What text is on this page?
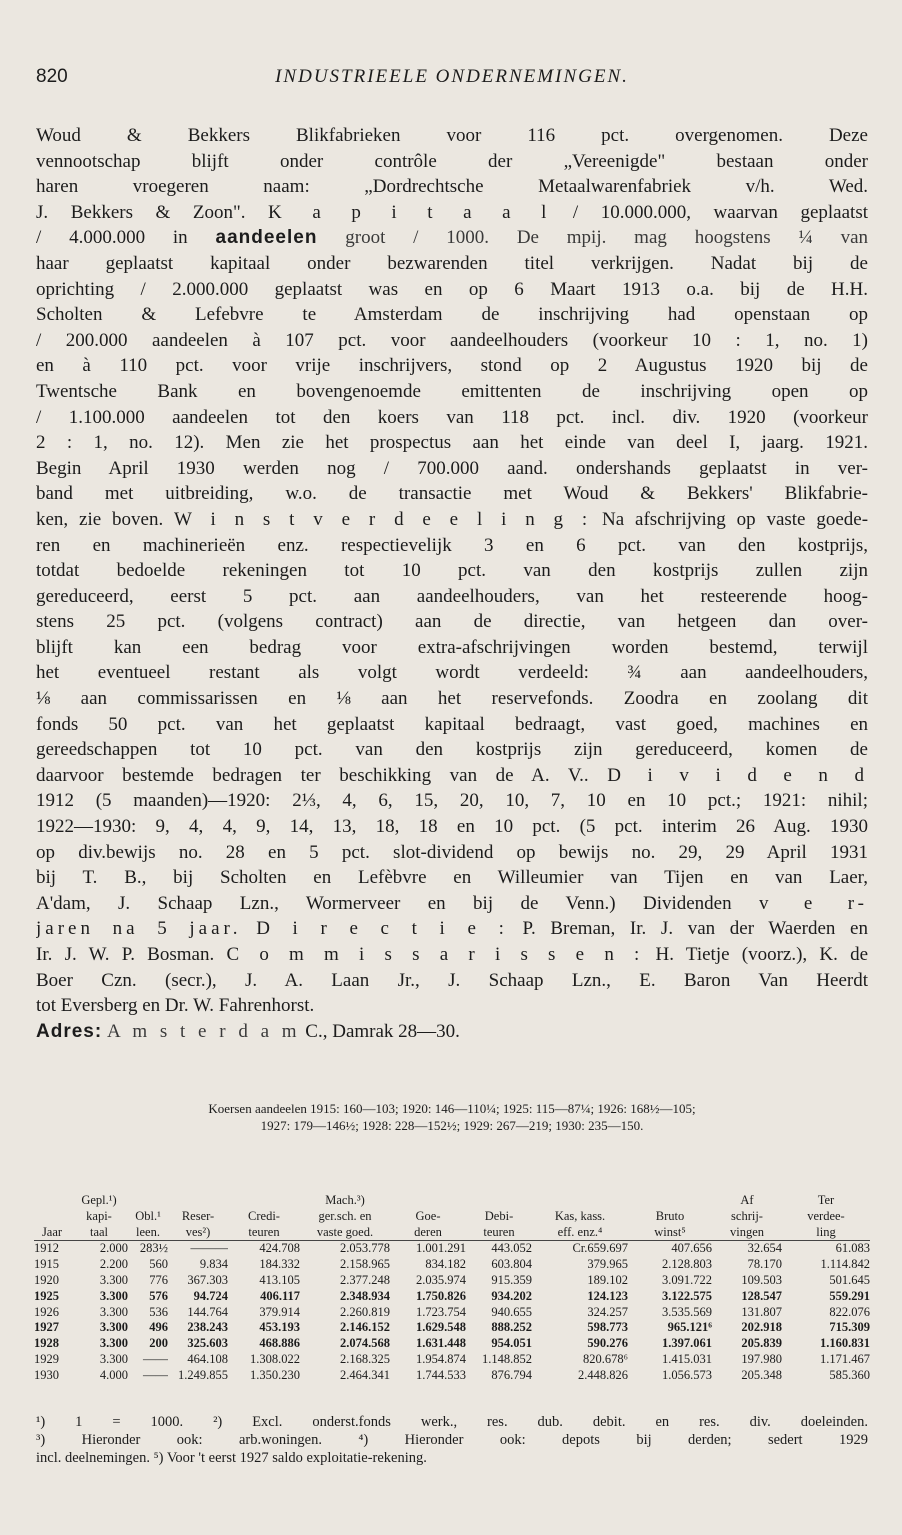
820	INDUSTRIEELE ONDERNEMINGEN.
Woud & Bekkers Blikfabrieken voor 116 pct. overgenomen. Deze
vennootschap blijft onder contrôle der „Vereenigde" bestaan onder
haren vroegeren naam: „Dordrechtsche Metaalwarenfabriek v/h. Wed.
J. Bekkers & Zoon". K a p i t a a l / 10.000.000, waarvan geplaatst
/ 4.000.000 in aandeelen groot / 1000. De mpij. mag hoogstens ¼ van
haar geplaatst kapitaal onder bezwarenden titel verkrijgen. Nadat bij de
oprichting / 2.000.000 geplaatst was en op 6 Maart 1913 o.a. bij de H.H.
Scholten & Lefebvre te Amsterdam de inschrijving had openstaan op
/ 200.000 aandeelen à 107 pct. voor aandeelhouders (voorkeur 10 : 1, no. 1)
en à 110 pct. voor vrije inschrijvers, stond op 2 Augustus 1920 bij de
Twentsche Bank en bovengenoemde emittenten de inschrijving open op
/ 1.100.000 aandeelen tot den koers van 118 pct. incl. div. 1920 (voorkeur
2 : 1, no. 12). Men zie het prospectus aan het einde van deel I, jaarg. 1921.
Begin April 1930 werden nog / 700.000 aand. ondershands geplaatst in ver-
band met uitbreiding, w.o. de transactie met Woud & Bekkers' Blikfabrie-
ken, zie boven. W i n s t v e r d e e l i n g : Na afschrijving op vaste goede-
ren en machinerieën enz. respectievelijk 3 en 6 pct. van den kostprijs,
totdat bedoelde rekeningen tot 10 pct. van den kostprijs zullen zijn
gereduceerd, eerst 5 pct. aan aandeelhouders, van het resteerende hoog-
stens 25 pct. (volgens contract) aan de directie, van hetgeen dan over-
blijft kan een bedrag voor extra-afschrijvingen worden bestemd, terwijl
het eventueel restant als volgt wordt verdeeld: ¾ aan aandeelhouders,
⅛ aan commissarissen en ⅛ aan het reservefonds. Zoodra en zoolang dit
fonds 50 pct. van het geplaatst kapitaal bedraagt, vast goed, machines en
gereedschappen tot 10 pct. van den kostprijs zijn gereduceerd, komen de
daarvoor bestemde bedragen ter beschikking van de A. V.. D i v i d e n d
1912 (5 maanden)—1920: 2⅓, 4, 6, 15, 20, 10, 7, 10 en 10 pct.; 1921: nihil;
1922—1930: 9, 4, 4, 9, 14, 13, 18, 18 en 10 pct. (5 pct. interim 26 Aug. 1930
op div.bewijs no. 28 en 5 pct. slot-dividend op bewijs no. 29, 29 April 1931
bij T. B., bij Scholten en Lefèbvre en Willeumier van Tijen en van Laer,
A'dam, J. Schaap Lzn., Wormerveer en bij de Venn.) Dividenden v e r-
jaren na 5 jaar. D i r e c t i e : P. Breman, Ir. J. van der Waerden en
Ir. J. W. P. Bosman. C o m m i s s a r i s s e n : H. Tietje (voorz.), K. de
Boer Czn. (secr.), J. A. Laan Jr., J. Schaap Lzn., E. Baron Van Heerdt
tot Eversberg en Dr. W. Fahrenhorst.
Adres: A m s t e r d a m C., Damrak 28—30.
Koersen aandeelen 1915: 160—103; 1920: 146—110¼; 1925: 115—87¼; 1926: 168½—105;
1927: 179—146½; 1928: 228—152½; 1929: 267—219; 1930: 235—150.
	Gepl.¹)				Mach.³)					Af	Ter
	kapi-	Obl.¹	Reser-	Credi-	ger.sch. en	Goe-	Debi-	Kas, kass.	Bruto	schrij-	verdee-
Jaar	taal	leen.	ves²)	teuren	vaste goed.	deren	teuren	eff. enz.⁴	winst⁵	vingen	ling
1912	2.000	283½	———	424.708	2.053.778	1.001.291	443.052	Cr.659.697	407.656	32.654	61.083
1915	2.200	560	9.834	184.332	2.158.965	834.182	603.804	379.965	2.128.803	78.170	1.114.842
1920	3.300	776	367.303	413.105	2.377.248	2.035.974	915.359	189.102	3.091.722	109.503	501.645
1925	3.300	576	94.724	406.117	2.348.934	1.750.826	934.202	124.123	3.122.575	128.547	559.291
1926	3.300	536	144.764	379.914	2.260.819	1.723.754	940.655	324.257	3.535.569	131.807	822.076
1927	3.300	496	238.243	453.193	2.146.152	1.629.548	888.252	598.773	965.121⁶	202.918	715.309
1928	3.300	200	325.603	468.886	2.074.568	1.631.448	954.051	590.276	1.397.061	205.839	1.160.831
1929	3.300	——	464.108	1.308.022	2.168.325	1.954.874	1.148.852	820.678⁶	1.415.031	197.980	1.171.467
1930	4.000	——	1.249.855	1.350.230	2.464.341	1.744.533	876.794	2.448.826	1.056.573	205.348	585.360
¹) 1 = 1000. ²) Excl. onderst.fonds werk., res. dub. debit. en res. div. doeleinden.
³) Hieronder ook: arb.woningen. ⁴) Hieronder ook: depots bij derden; sedert 1929
incl. deelnemingen. ⁵) Voor 't eerst 1927 saldo exploitatie-rekening.
